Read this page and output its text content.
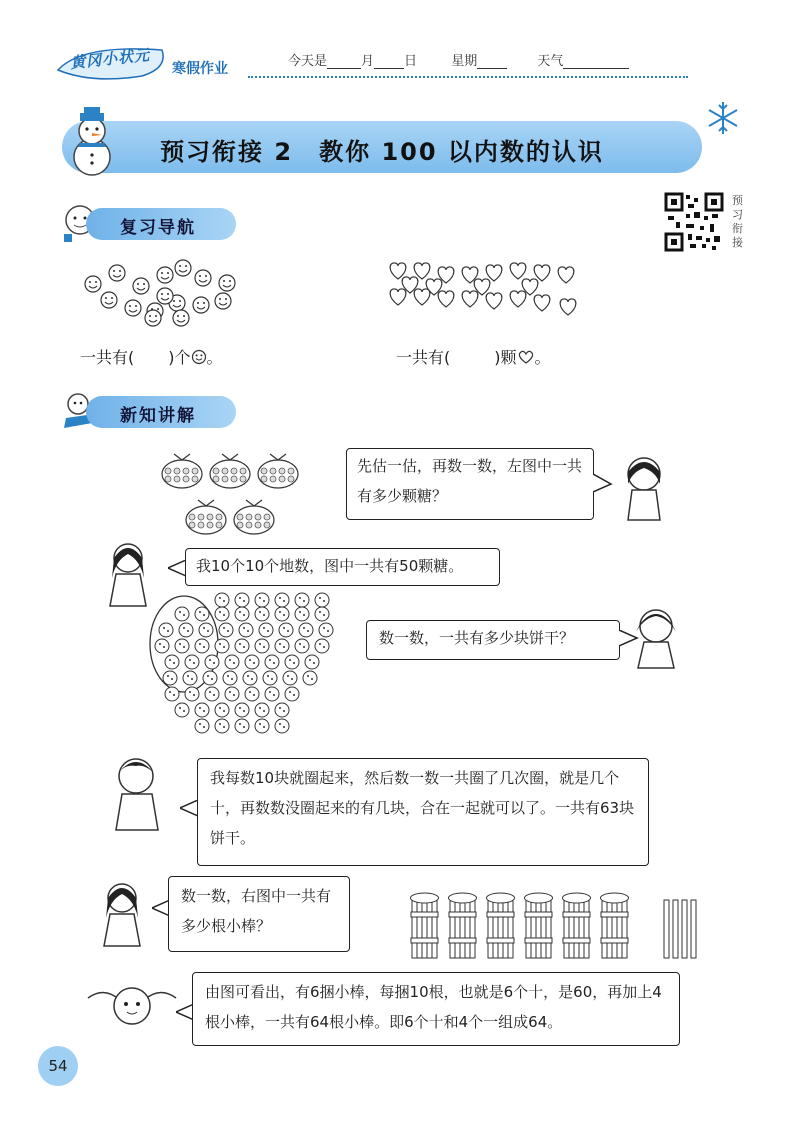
黄冈小状元 寒假作业	今天是	月 日	星期	天气
预习衔接 2　教你 100 以内数的认识
复习导航
预习衔接
一共有( )个 。	一共有(	)颗 。
新知讲解
先估一估，再数一数，左图中一共有多少颗糖？
我10个10个地数，图中一共有50颗糖。
数一数，一共有多少块饼干？
我每数10块就圈起来，然后数一数一共圈了几次圈，就是几个十，再数数没圈起来的有几块，合在一起就可以了。一共有63块饼干。
数一数，右图中一共有多少根小棒？
由图可看出，有6捆小棒，每捆10根，也就是6个十，是60，再加上4根小棒，一共有64根小棒。即6个十和4个一组成64。
54
